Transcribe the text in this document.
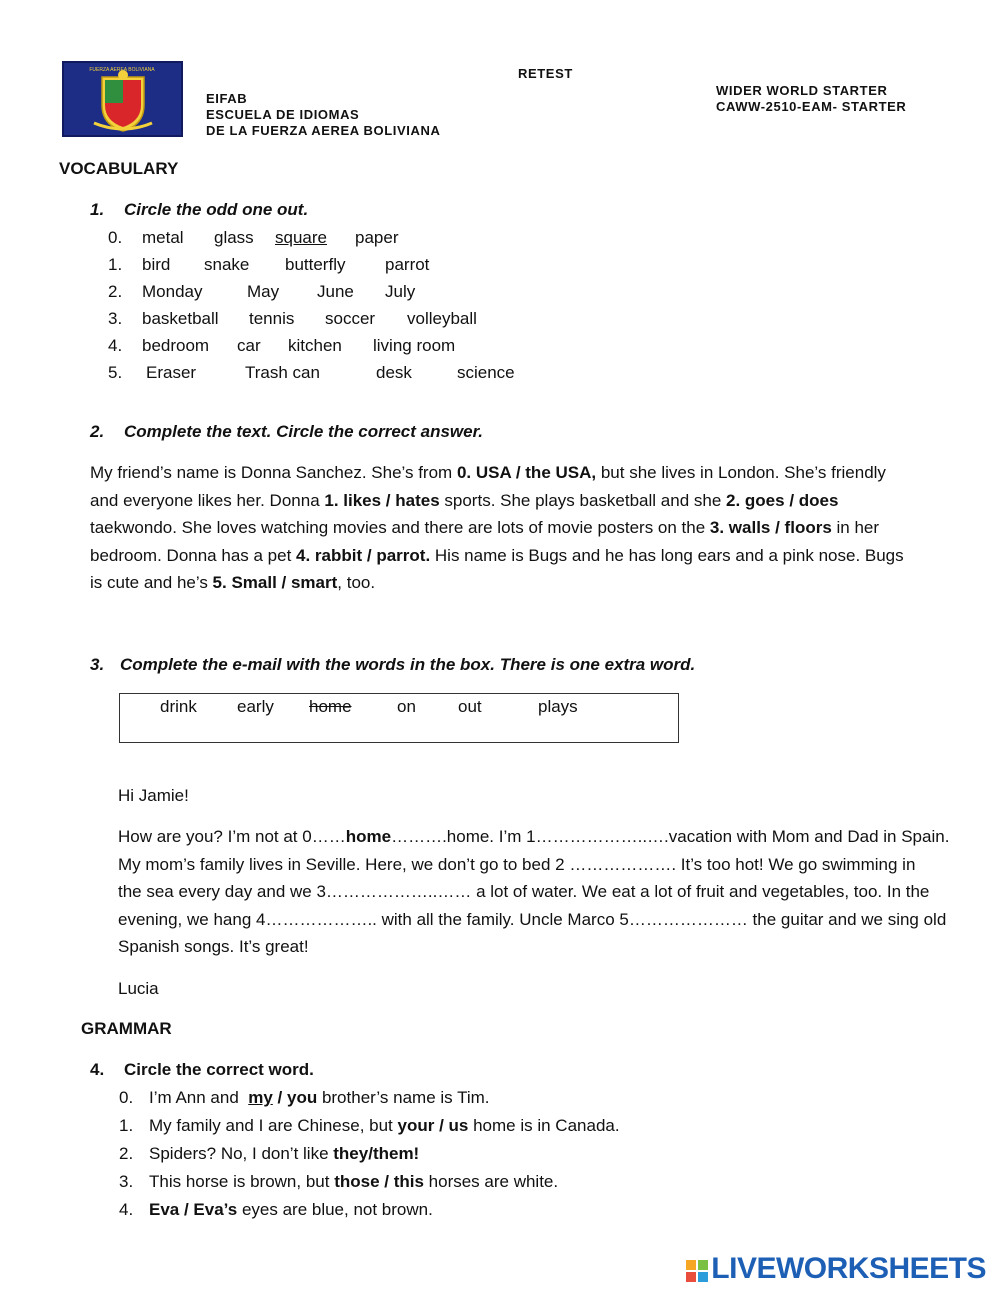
FUERZA AEREA BOLIVIANA	RETEST
EIFAB
ESCUELA DE IDIOMAS
DE LA FUERZA AEREA BOLIVIANA
WIDER WORLD STARTER
CAWW-2510-EAM- STARTER
VOCABULARY
1. Circle the odd one out.
0. metal glass square paper
1. bird snake butterfly parrot
2. Monday	May June July
3. basketball tennis soccer volleyball
4. bedroom car kitchen living room
5. Eraser	Trash can	desk	science
2. Complete the text. Circle the correct answer.
My friend’s name is Donna Sanchez. She’s from 0. USA / the USA, but she lives in London. She’s friendly
and everyone likes her. Donna 1. likes / hates sports. She plays basketball and she 2. goes / does
taekwondo. She loves watching movies and there are lots of movie posters on the 3. walls / floors in her
bedroom. Donna has a pet 4. rabbit / parrot. His name is Bugs and he has long ears and a pink nose. Bugs
is cute and he’s 5. Small / smart, too.
3. Complete the e-mail with the words in the box. There is one extra word.
drink early home	on out	plays
Hi Jamie!
How are you? I’m not at 0……home……….home. I’m 1………………..….vacation with Mom and Dad in Spain.
My mom’s family lives in Seville. Here, we don’t go to bed 2 ………………. It’s too hot! We go swimming in
the sea every day and we 3………………..…… a lot of water. We eat a lot of fruit and vegetables, too. In the
evening, we hang 4……………….. with all the family. Uncle Marco 5………………… the guitar and we sing old
Spanish songs. It’s great!
Lucia
GRAMMAR
4. Circle the correct word.
0. I’m Ann and  my / you brother’s name is Tim.
1. My family and I are Chinese, but your / us home is in Canada.
2. Spiders? No, I don’t like they/them!
3. This horse is brown, but those / this horses are white.
4. Eva / Eva’s eyes are blue, not brown.
LIVEWORKSHEETS
